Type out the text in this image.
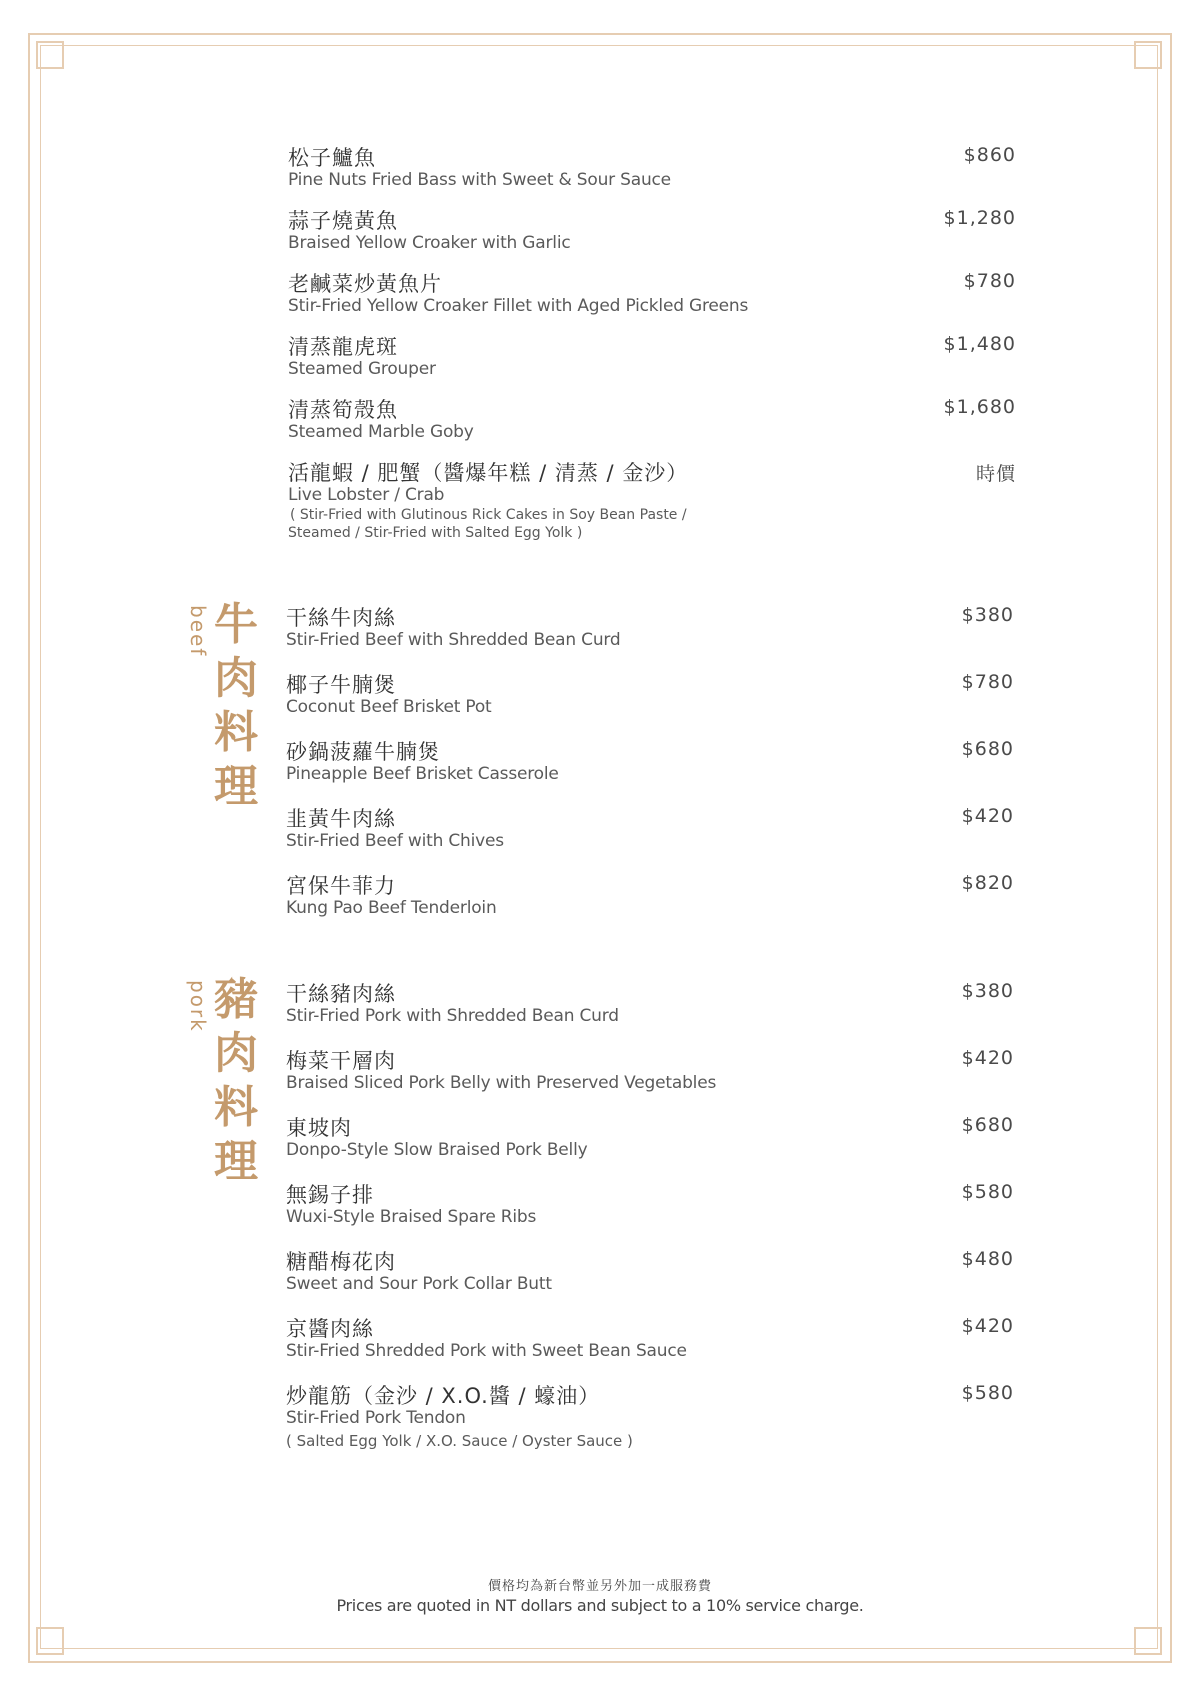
松子鱸魚
Pine Nuts Fried Bass with Sweet & Sour Sauce
$860
蒜子燒黃魚
Braised Yellow Croaker with Garlic
$1,280
老鹹菜炒黃魚片
Stir-Fried Yellow Croaker Fillet with Aged Pickled Greens
$780
清蒸龍虎斑
Steamed Grouper
$1,480
清蒸筍殼魚
Steamed Marble Goby
$1,680
活龍蝦 / 肥蟹（醬爆年糕 / 清蒸 / 金沙）
Live Lobster / Crab
( Stir-Fried with Glutinous Rick Cakes in Soy Bean Paste /
Steamed / Stir-Fried with Salted Egg Yolk )
時價
牛
肉
料
理
beef	干絲牛肉絲
Stir-Fried Beef with Shredded Bean Curd
$380
椰子牛腩煲
Coconut Beef Brisket Pot
$780
砂鍋菠蘿牛腩煲
Pineapple Beef Brisket Casserole
$680
韭黃牛肉絲
Stir-Fried Beef with Chives
$420
宮保牛菲力
Kung Pao Beef Tenderloin
$820
豬
肉
料
理
pork	干絲豬肉絲
Stir-Fried Pork with Shredded Bean Curd
$380
梅菜干層肉
Braised Sliced Pork Belly with Preserved Vegetables
$420
東坡肉
Donpo-Style Slow Braised Pork Belly
$680
無錫子排
Wuxi-Style Braised Spare Ribs
$580
糖醋梅花肉
Sweet and Sour Pork Collar Butt
$480
京醬肉絲
Stir-Fried Shredded Pork with Sweet Bean Sauce
$420
炒龍筋（金沙 / X.O.醬 / 蠔油）
Stir-Fried Pork Tendon
( Salted Egg Yolk / X.O. Sauce / Oyster Sauce )
$580
價格均為新台幣並另外加一成服務費
Prices are quoted in NT dollars and subject to a 10% service charge.
